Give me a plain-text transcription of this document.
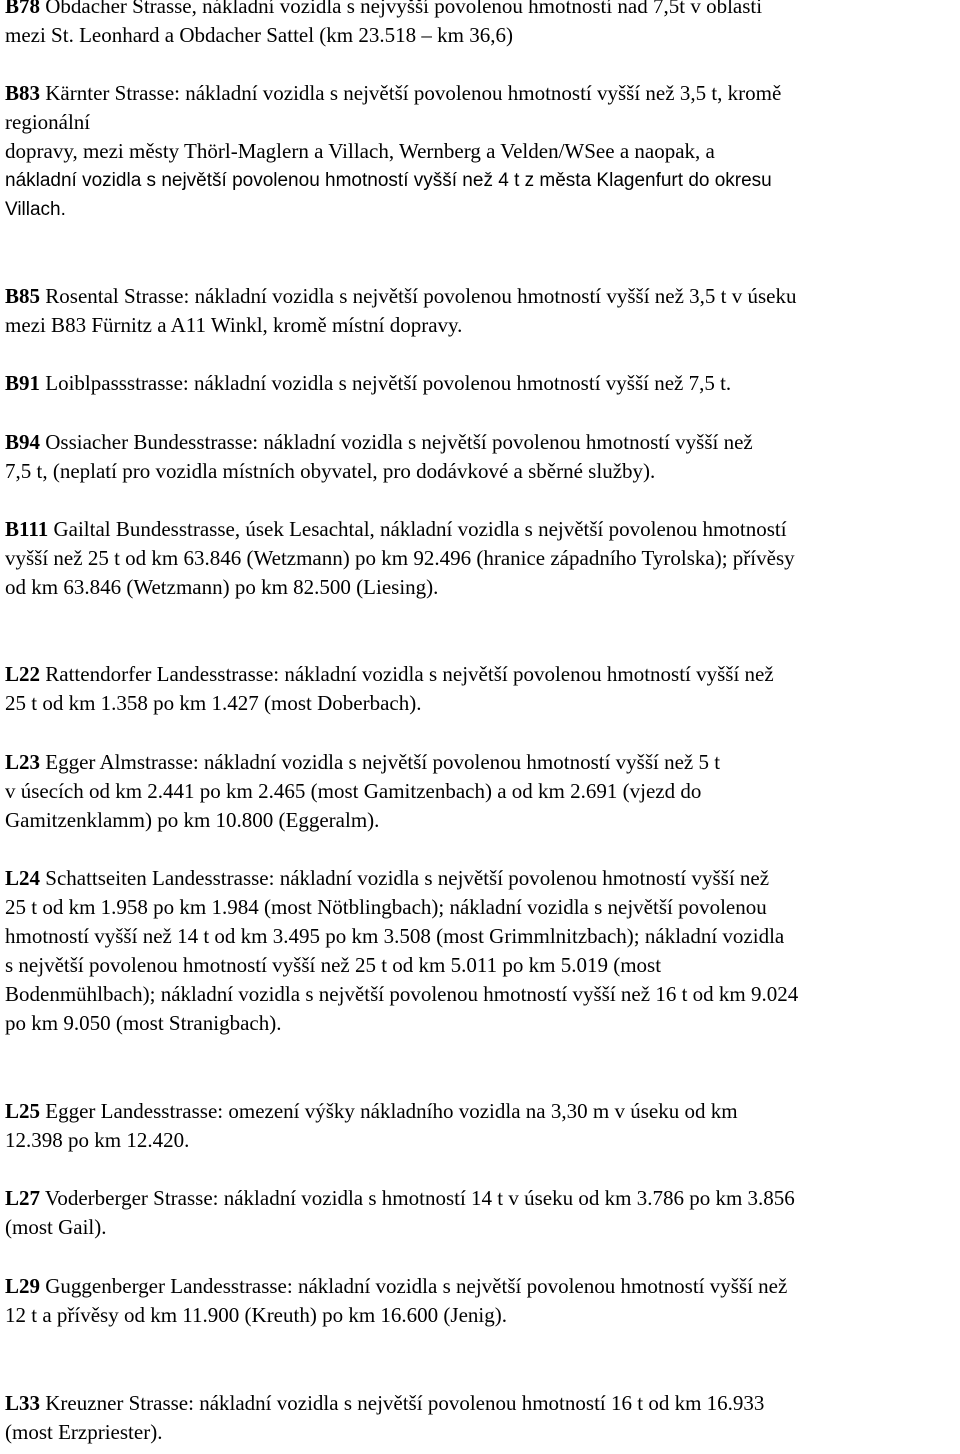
B78 Obdacher Strasse, nákladní vozidla s nejvyšší povolenou hmotností nad 7,5t v oblasti
mezi St. Leonhard a Obdacher Sattel (km 23.518 – km 36,6)
B83 Kärnter Strasse: nákladní vozidla s největší povolenou hmotností vyšší než 3,5 t, kromě
regionální
dopravy, mezi městy Thörl-Maglern a Villach, Wernberg a Velden/WSee a naopak, a
nákladní vozidla s největší povolenou hmotností vyšší než 4 t z města Klagenfurt do okresu
Villach.
B85 Rosental Strasse: nákladní vozidla s největší povolenou hmotností vyšší než 3,5 t v úseku
mezi B83 Fürnitz a A11 Winkl, kromě místní dopravy.
B91 Loiblpassstrasse: nákladní vozidla s největší povolenou hmotností vyšší než 7,5 t.
B94 Ossiacher Bundesstrasse: nákladní vozidla s největší povolenou hmotností vyšší než
7,5 t, (neplatí pro vozidla místních obyvatel, pro dodávkové a sběrné služby).
B111 Gailtal Bundesstrasse, úsek Lesachtal, nákladní vozidla s největší povolenou hmotností
vyšší než 25 t od km 63.846 (Wetzmann) po km 92.496 (hranice západního Tyrolska); přívěsy
od km 63.846 (Wetzmann) po km 82.500 (Liesing).
L22 Rattendorfer Landesstrasse: nákladní vozidla s největší povolenou hmotností vyšší než
25 t od km 1.358 po km 1.427 (most Doberbach).
L23 Egger Almstrasse: nákladní vozidla s největší povolenou hmotností vyšší než 5 t
v úsecích od km 2.441 po km 2.465 (most Gamitzenbach) a od km 2.691 (vjezd do
Gamitzenklamm) po km 10.800 (Eggeralm).
L24 Schattseiten Landesstrasse: nákladní vozidla s největší povolenou hmotností vyšší než
25 t od km 1.958 po km 1.984 (most Nötblingbach); nákladní vozidla s největší povolenou
hmotností vyšší než 14 t od km 3.495 po km 3.508 (most Grimmlnitzbach); nákladní vozidla
s největší povolenou hmotností vyšší než 25 t od km 5.011 po km 5.019 (most
Bodenmühlbach); nákladní vozidla s největší povolenou hmotností vyšší než 16 t od km 9.024
po km 9.050 (most Stranigbach).
L25 Egger Landesstrasse: omezení výšky nákladního vozidla na 3,30 m v úseku od km
12.398 po km 12.420.
L27 Voderberger Strasse: nákladní vozidla s hmotností 14 t v úseku od km 3.786 po km 3.856
(most Gail).
L29 Guggenberger Landesstrasse: nákladní vozidla s největší povolenou hmotností vyšší než
12 t a přívěsy od km 11.900 (Kreuth) po km 16.600 (Jenig).
L33 Kreuzner Strasse: nákladní vozidla s největší povolenou hmotností 16 t od km 16.933
(most Erzpriester).
